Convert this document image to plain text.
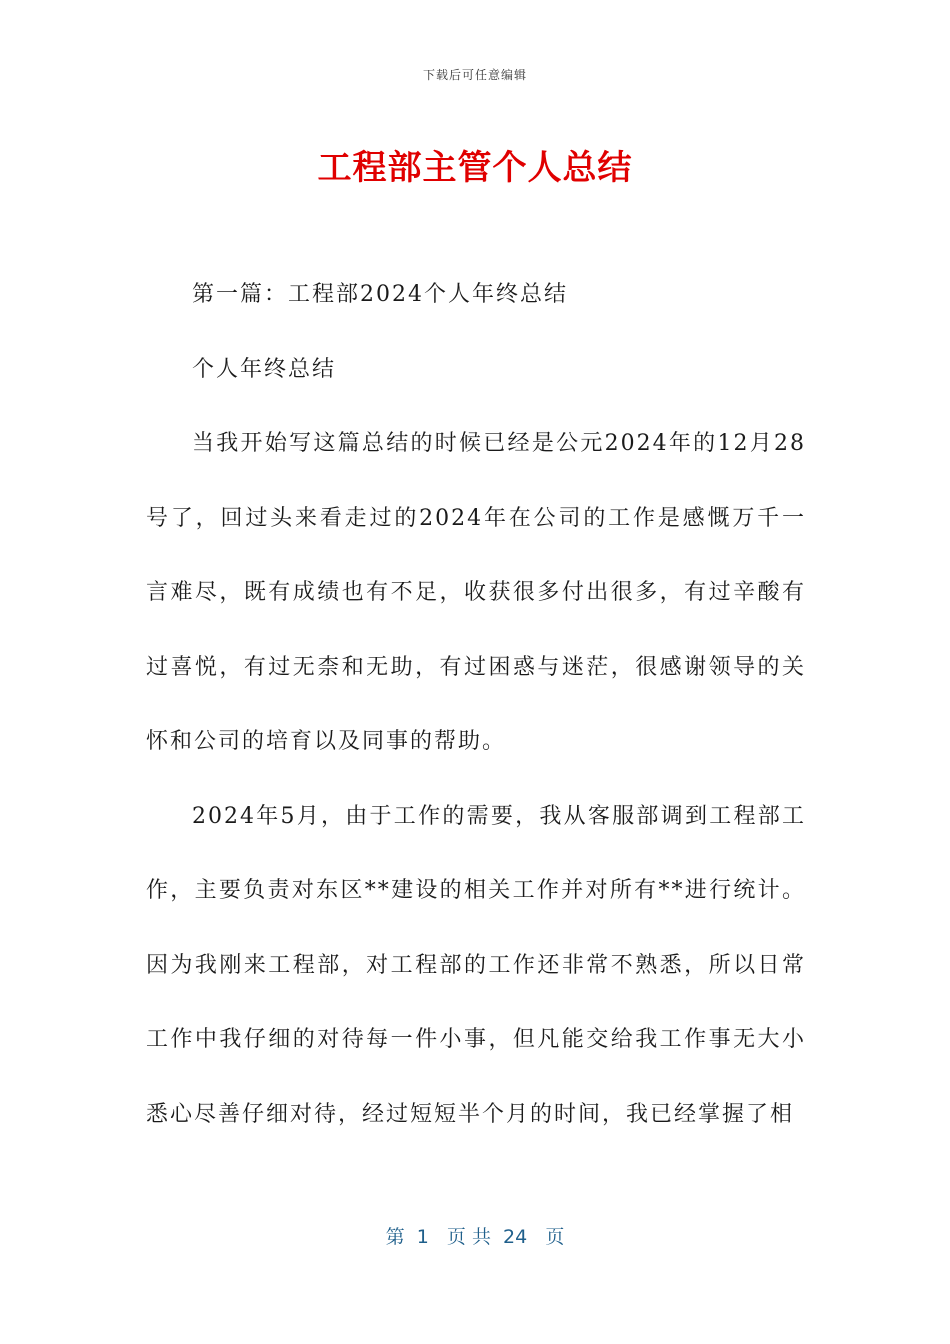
下载后可任意编辑
工程部主管个人总结

第一篇：工程部2024个人年终总结

个人年终总结

当我开始写这篇总结的时候已经是公元2024年的12月28号了，回过头来看走过的2024年在公司的工作是感慨万千一言难尽，既有成绩也有不足，收获很多付出很多，有过辛酸有过喜悦，有过无柰和无助，有过困惑与迷茫，很感谢领导的关怀和公司的培育以及同事的帮助。

2024年5月，由于工作的需要，我从客服部调到工程部工作，主要负责对东区**建设的相关工作并对所有**进行统计。因为我刚来工程部，对工程部的工作还非常不熟悉，所以日常工作中我仔细的对待每一件小事，但凡能交给我工作事无大小悉心尽善仔细对待，经过短短半个月的时间，我已经掌握了相

第  1   页 共  24   页
